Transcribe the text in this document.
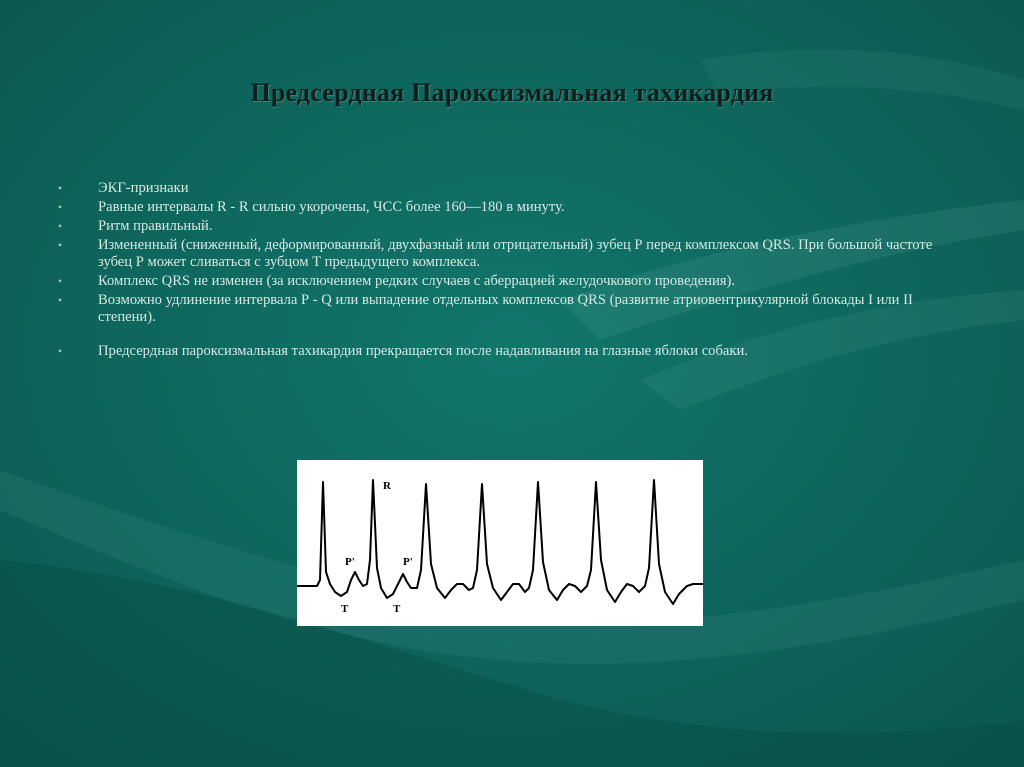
Предсердная Пароксизмальная тахикардия
• ЭКГ-признаки
• Равные интервалы R - R сильно укорочены, ЧСС более 160—180 в минуту.
• Ритм правильный.
• Измененный (сниженный, деформированный, двухфазный или отрицательный) зубец Р перед комплексом QRS. При большой частоте зубец Р может сливаться с зубцом Т предыдущего комплекса.
• Комплекс QRS не изменен (за исключением редких случаев с аберрацией желудочкового проведения).
• Возможно удлинение интервала Р - Q или выпадение отдельных комплексов QRS (развитие атриовентрикулярной блокады I или II степени).
• Предсердная пароксизмальная тахикардия прекращается после надавливания на глазные яблоки собаки.
R
P'	P'
T	T
